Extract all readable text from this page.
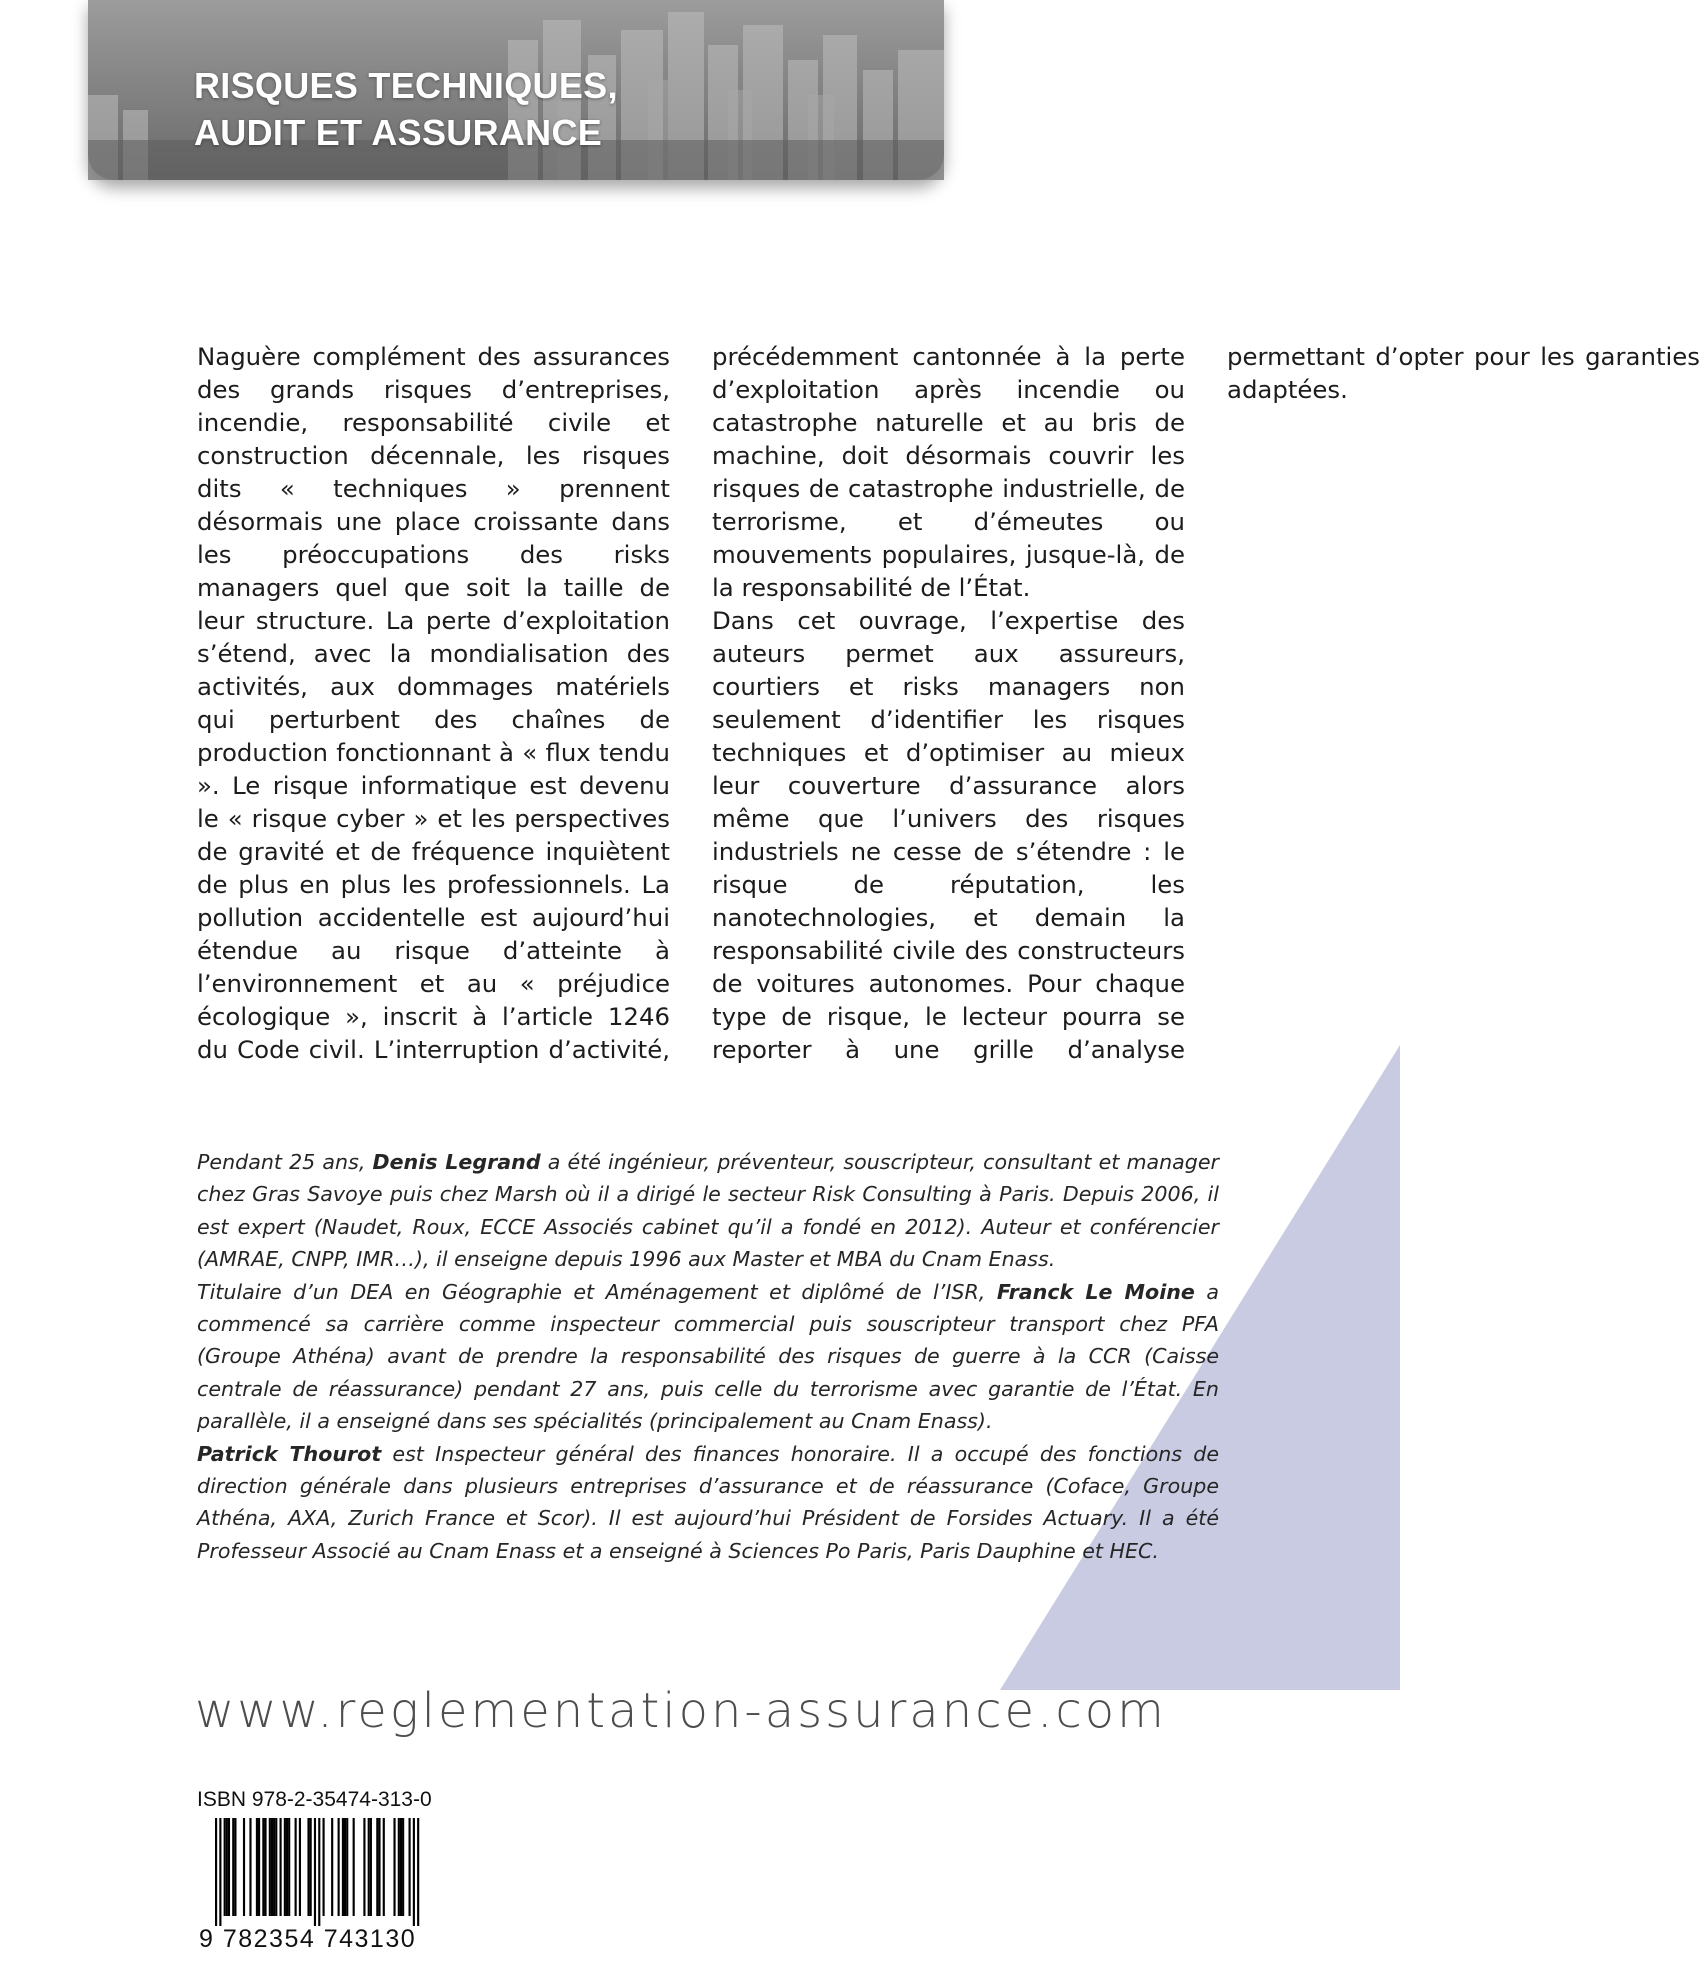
RISQUES TECHNIQUES,
AUDIT ET ASSURANCE

Naguère complément des assurances des grands risques d’entreprises, incendie, responsabilité civile et construction décennale, les risques dits « techniques » prennent désormais une place croissante dans les préoccupations des risks managers quel que soit la taille de leur structure. La perte d’exploitation s’étend, avec la mondialisation des activités, aux dommages matériels qui perturbent des chaînes de production fonctionnant à « flux tendu ». Le risque informatique est devenu le « risque cyber » et les perspectives de gravité et de fréquence inquiètent de plus en plus les professionnels. La pollution accidentelle est aujourd’hui étendue au risque d’atteinte à l’environnement et au « préjudice écologique », inscrit à l’article 1246 du Code civil. L’interruption d’activité, précédemment cantonnée à la perte d’exploitation après incendie ou catastrophe naturelle et au bris de machine, doit désormais couvrir les risques de catastrophe industrielle, de terrorisme, et d’émeutes ou mouvements populaires, jusque-là, de la responsabilité de l’État.

Dans cet ouvrage, l’expertise des auteurs permet aux assureurs, courtiers et risks managers non seulement d’identifier les risques techniques et d’optimiser au mieux leur couverture d’assurance alors même que l’univers des risques industriels ne cesse de s’étendre : le risque de réputation, les nanotechnologies, et demain la responsabilité civile des constructeurs de voitures autonomes. Pour chaque type de risque, le lecteur pourra se reporter à une grille d’analyse permettant d’opter pour les garanties adaptées.

Pendant 25 ans, Denis Legrand a été ingénieur, préventeur, souscripteur, consultant et manager chez Gras Savoye puis chez Marsh où il a dirigé le secteur Risk Consulting à Paris. Depuis 2006, il est expert (Naudet, Roux, ECCE Associés cabinet qu’il a fondé en 2012). Auteur et conférencier (AMRAE, CNPP, IMR…), il enseigne depuis 1996 aux Master et MBA du Cnam Enass.

Titulaire d’un DEA en Géographie et Aménagement et diplômé de l’ISR, Franck Le Moine a commencé sa carrière comme inspecteur commercial puis souscripteur transport chez PFA (Groupe Athéna) avant de prendre la responsabilité des risques de guerre à la CCR (Caisse centrale de réassurance) pendant 27 ans, puis celle du terrorisme avec garantie de l’État. En parallèle, il a enseigné dans ses spécialités (principalement au Cnam Enass).

Patrick Thourot est Inspecteur général des finances honoraire. Il a occupé des fonctions de direction générale dans plusieurs entreprises d’assurance et de réassurance (Coface, Groupe Athéna, AXA, Zurich France et Scor). Il est aujourd’hui Président de Forsides Actuary. Il a été Professeur Associé au Cnam Enass et a enseigné à Sciences Po Paris, Paris Dauphine et HEC.

www.reglementation-assurance.com

ISBN 978-2-35474-313-0

9 782354 743130
